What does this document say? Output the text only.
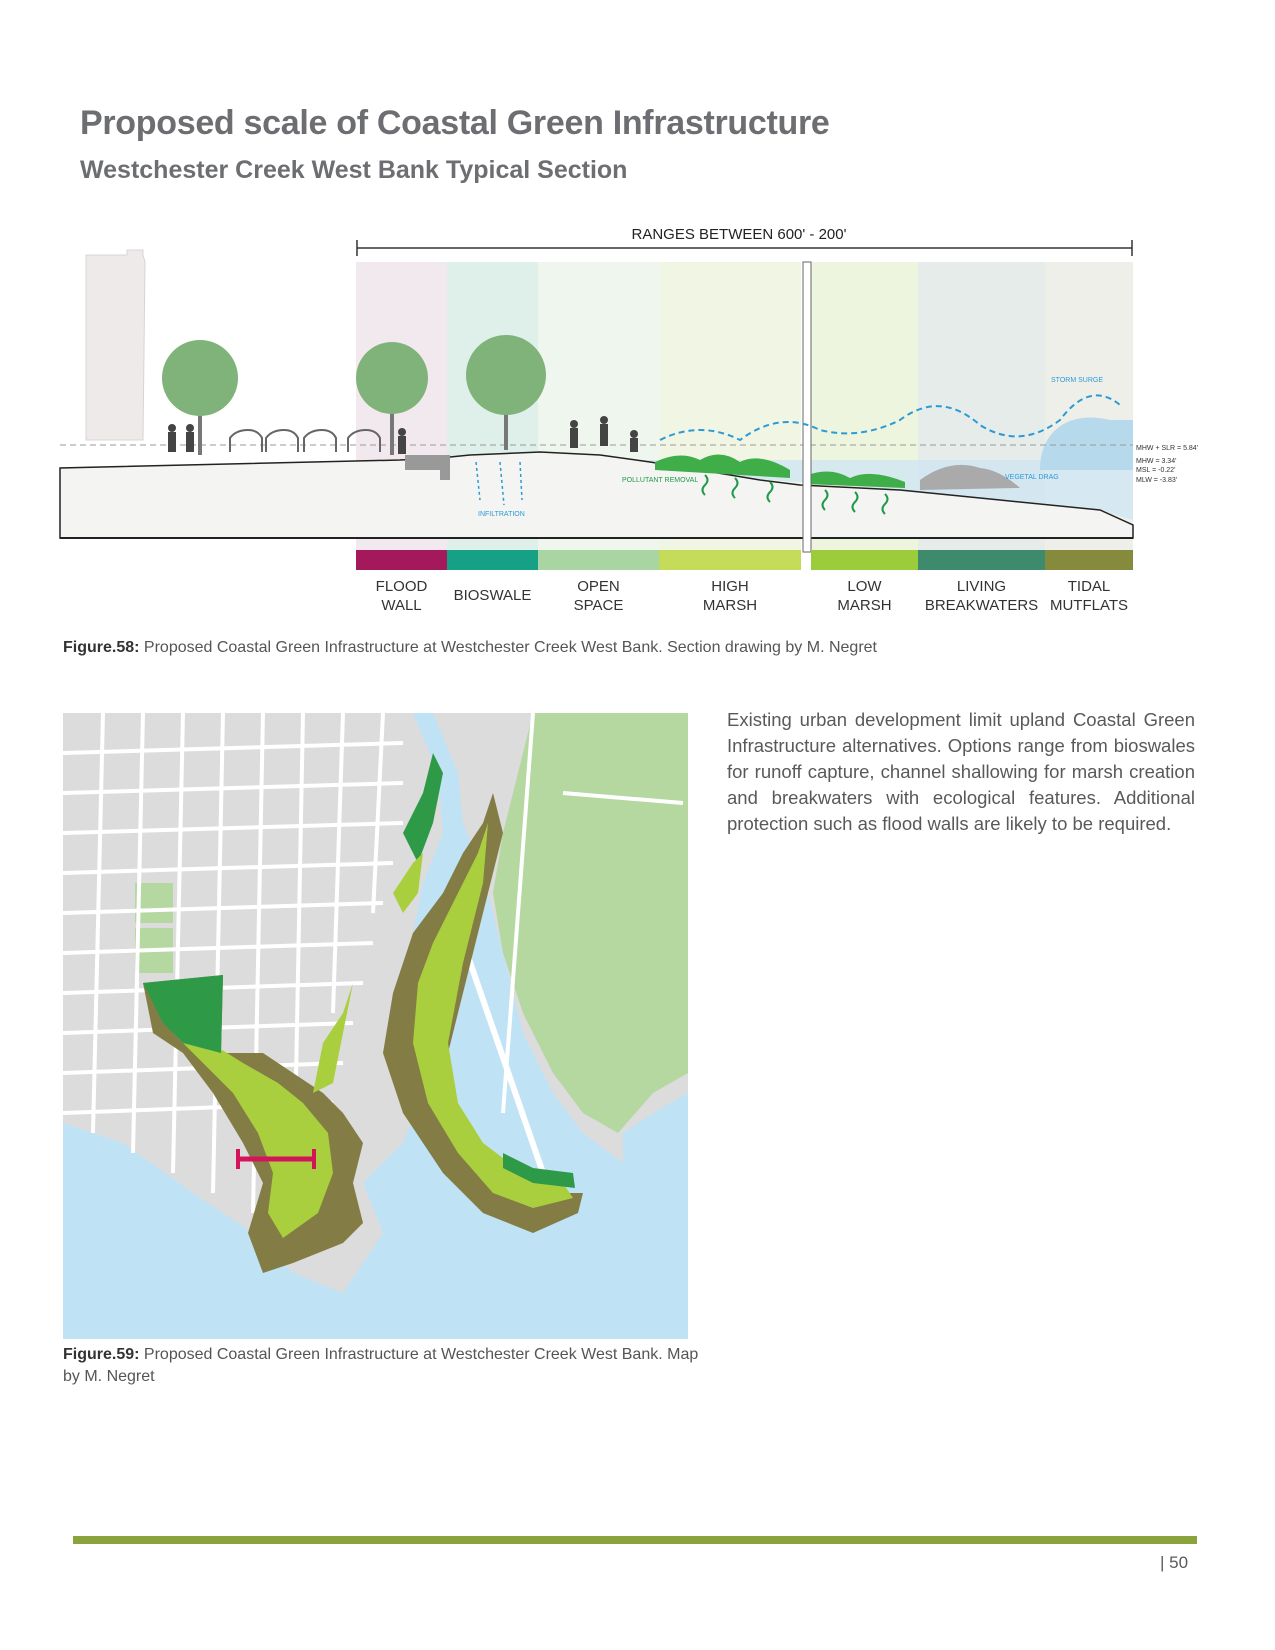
Proposed scale of Coastal Green Infrastructure
Westchester Creek West Bank Typical Section
STORM SURGE
MHW + SLR = 5.84'
MHW = 3.34'
MSL = -0.22'
MLW = -3.83'
POLLUTANT REMOVAL
INFILTRATION
VEGETAL DRAG
RANGES BETWEEN 600' - 200'
FLOOD
WALL
BIOSWALE
OPEN
SPACE
HIGH
MARSH
LOW
MARSH
LIVING
BREAKWATERS
TIDAL
MUTFLATS
Figure.58: Proposed Coastal Green Infrastructure at Westchester Creek West Bank. Section drawing by M. Negret
Figure.59: Proposed Coastal Green Infrastructure at Westchester Creek West Bank. Map by M. Negret
Existing urban development limit upland Coastal Green Infrastructure alternatives. Options range from bioswales for runoff capture, channel shallowing for marsh creation and breakwaters with ecological features. Additional protection such as flood walls are likely to be required.
| 50
